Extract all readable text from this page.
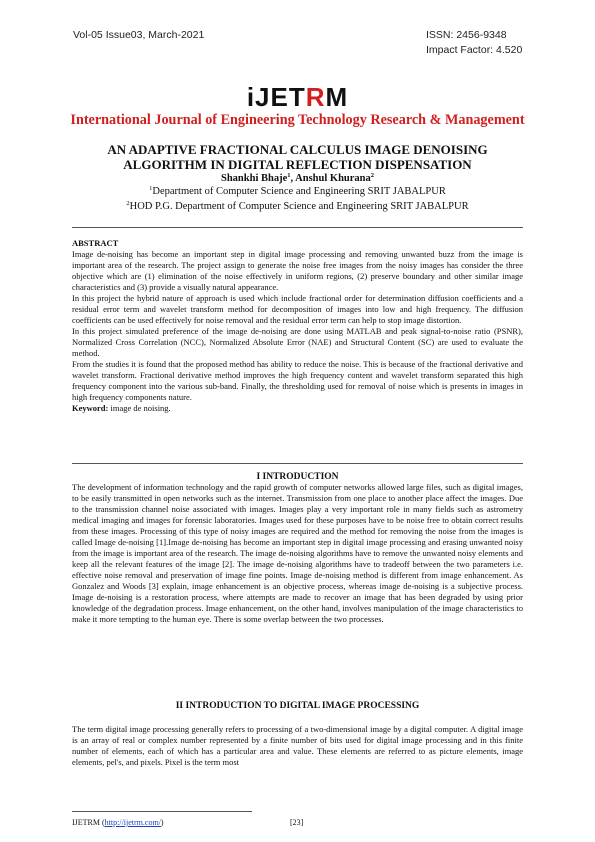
Vol-05 Issue03, March-2021	ISSN: 2456-9348
Impact Factor: 4.520
iJETRM
International Journal of Engineering Technology Research & Management
AN ADAPTIVE FRACTIONAL CALCULUS IMAGE DENOISING
ALGORITHM IN DIGITAL REFLECTION DISPENSATION
Shankhi Bhaje$^1$, Anshul Khurana$^2$
$^1$Department of Computer Science and Engineering SRIT JABALPUR
$^2$HOD P.G. Department of Computer Science and Engineering SRIT JABALPUR

ABSTRACT

Image de-noising has become an important step in digital image processing and removing unwanted buzz from the image is important area of the research. The project assign to generate the noise free images from the noisy images has consider the three objective which are (1) elimination of the noise effectively in uniform regions, (2) preserve boundary and other similar image characteristics and (3) provide a visually natural appearance.

In this project the hybrid nature of approach is used which include fractional order for determination diffusion coefficients and a residual error term and wavelet transform method for decomposition of images into low and high frequency. The diffusion coefficients can be used effectively for noise removal and the residual error term can help to stop image distortion.

In this project simulated preference of the image de-noising are done using MATLAB and peak signal-to-noise ratio (PSNR), Normalized Cross Correlation (NCC), Normalized Absolute Error (NAE) and Structural Content (SC) are used to evaluate the method.

From the studies it is found that the proposed method has ability to reduce the noise. This is because of the fractional derivative and wavelet transform. Fractional derivative method improves the high frequency content and wavelet transform separated this high frequency component into the various sub-band. Finally, the thresholding used for removal of noise which is presents in images in high frequency components nature.

Keyword: image de noising.

I INTRODUCTION

The development of information technology and the rapid growth of computer networks allowed large files, such as digital images, to be easily transmitted in open networks such as the internet. Transmission from one place to another place affect the images. Due to the transmission channel noise associated with images. Images play a very important role in many fields such as astrometry medical imaging and images for forensic laboratories. Images used for these purposes have to be noise free to obtain correct results from these images. Processing of this type of noisy images are required and the method for removing the noise from the images is called Image de-noising [1].Image de-noising has become an important step in digital image processing and erasing unwanted noisy from the image is important area of the research. The image de-noising algorithms have to remove the unwanted noisy elements and keep all the relevant features of the image [2]. The image de-noising algorithms have to tradeoff between the two parameters i.e. effective noise removal and preservation of image fine points. Image de-noising method is different from image enhancement. As Gonzalez and Woods [3] explain, image enhancement is an objective process, whereas image de-noising is a subjective process. Image de-noising is a restoration process, where attempts are made to recover an image that has been degraded by using prior knowledge of the degradation process. Image enhancement, on the other hand, involves manipulation of the image characteristics to make it more tempting to the human eye. There is some overlap between the two processes.

II INTRODUCTION TO DIGITAL IMAGE PROCESSING

The term digital image processing generally refers to processing of a two-dimensional image by a digital computer. A digital image is an array of real or complex number represented by a finite number of bits used for digital image processing and in this finite number of elements, each of which has a particular area and value. These elements are referred to as picture elements, image elements, pel's, and pixels. Pixel is the term most

IJETRM (http://ijetrm.com/)	[23]
